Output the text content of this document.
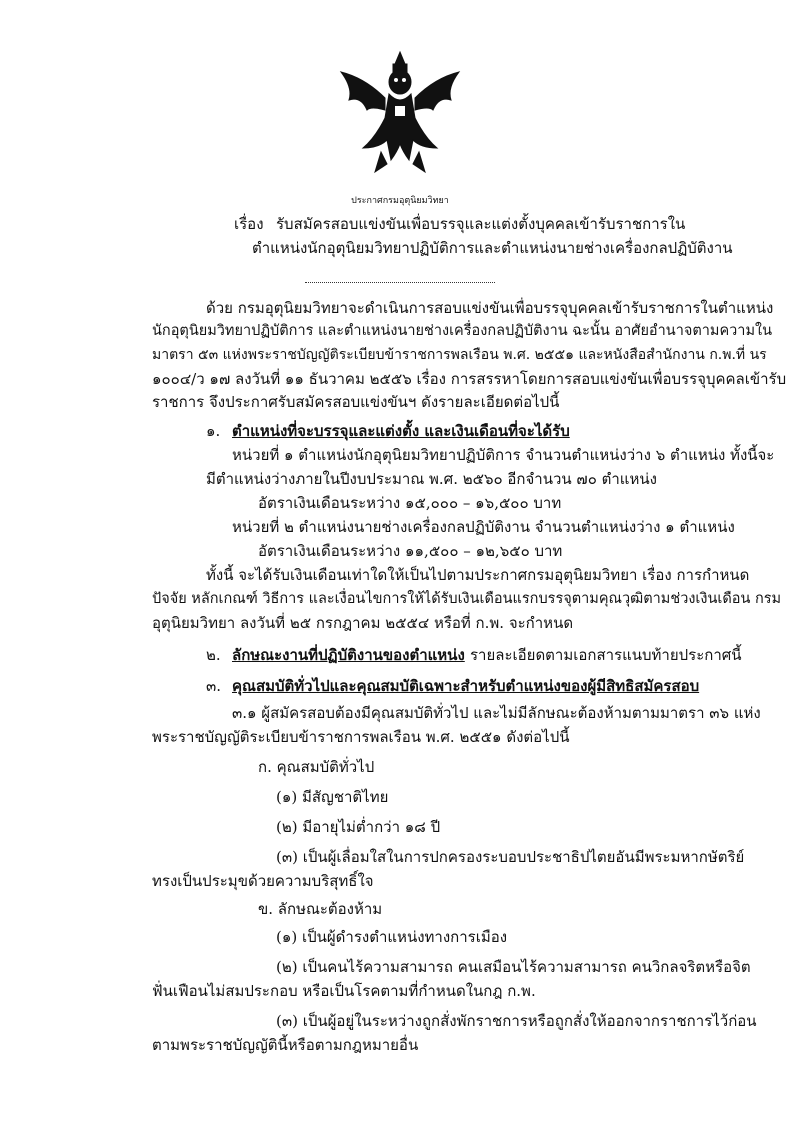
ประกาศกรมอุตุนิยมวิทยา
เรื่อง รับสมัครสอบแข่งขันเพื่อบรรจุและแต่งตั้งบุคคลเข้ารับราชการใน
ตำแหน่งนักอุตุนิยมวิทยาปฏิบัติการและตำแหน่งนายช่างเครื่องกลปฏิบัติงาน
ด้วย กรมอุตุนิยมวิทยาจะดำเนินการสอบแข่งขันเพื่อบรรจุบุคคลเข้ารับราชการในตำแหน่ง
นักอุตุนิยมวิทยาปฏิบัติการ และตำแหน่งนายช่างเครื่องกลปฏิบัติงาน ฉะนั้น อาศัยอำนาจตามความใน
มาตรา ๕๓ แห่งพระราชบัญญัติระเบียบข้าราชการพลเรือน พ.ศ. ๒๕๕๑ และหนังสือสำนักงาน ก.พ.ที่ นร
๑๐๐๔/ว ๑๗ ลงวันที่ ๑๑ ธันวาคม ๒๕๕๖ เรื่อง การสรรหาโดยการสอบแข่งขันเพื่อบรรจุบุคคลเข้ารับ
ราชการ จึงประกาศรับสมัครสอบแข่งขันฯ ดังรายละเอียดต่อไปนี้
๑. ตำแหน่งที่จะบรรจุและแต่งตั้ง และเงินเดือนที่จะได้รับ
หน่วยที่ ๑ ตำแหน่งนักอุตุนิยมวิทยาปฏิบัติการ จำนวนตำแหน่งว่าง ๖ ตำแหน่ง ทั้งนี้จะ
มีตำแหน่งว่างภายในปีงบประมาณ พ.ศ. ๒๕๖๐ อีกจำนวน ๗๐ ตำแหน่ง
อัตราเงินเดือนระหว่าง ๑๕,๐๐๐ – ๑๖,๕๐๐ บาท
หน่วยที่ ๒ ตำแหน่งนายช่างเครื่องกลปฏิบัติงาน จำนวนตำแหน่งว่าง ๑ ตำแหน่ง
อัตราเงินเดือนระหว่าง ๑๑,๕๐๐ – ๑๒,๖๕๐ บาท
ทั้งนี้ จะได้รับเงินเดือนเท่าใดให้เป็นไปตามประกาศกรมอุตุนิยมวิทยา เรื่อง การกำหนด
ปัจจัย หลักเกณฑ์ วิธีการ และเงื่อนไขการให้ได้รับเงินเดือนแรกบรรจุตามคุณวุฒิตามช่วงเงินเดือน กรม
อุตุนิยมวิทยา ลงวันที่ ๒๕ กรกฎาคม ๒๕๕๔ หรือที่ ก.พ. จะกำหนด
๒. ลักษณะงานที่ปฏิบัติงานของตำแหน่ง รายละเอียดตามเอกสารแนบท้ายประกาศนี้
๓. คุณสมบัติทั่วไปและคุณสมบัติเฉพาะสำหรับตำแหน่งของผู้มีสิทธิสมัครสอบ
๓.๑ ผู้สมัครสอบต้องมีคุณสมบัติทั่วไป และไม่มีลักษณะต้องห้ามตามมาตรา ๓๖ แห่ง
พระราชบัญญัติระเบียบข้าราชการพลเรือน พ.ศ. ๒๕๕๑ ดังต่อไปนี้
ก. คุณสมบัติทั่วไป
(๑) มีสัญชาติไทย
(๒) มีอายุไม่ต่ำกว่า ๑๘ ปี
(๓) เป็นผู้เลื่อมใสในการปกครองระบอบประชาธิปไตยอันมีพระมหากษัตริย์
ทรงเป็นประมุขด้วยความบริสุทธิ์ใจ
ข. ลักษณะต้องห้าม
(๑) เป็นผู้ดำรงตำแหน่งทางการเมือง
(๒) เป็นคนไร้ความสามารถ คนเสมือนไร้ความสามารถ คนวิกลจริตหรือจิต
ฟั่นเฟือนไม่สมประกอบ หรือเป็นโรคตามที่กำหนดในกฎ ก.พ.
(๓) เป็นผู้อยู่ในระหว่างถูกสั่งพักราชการหรือถูกสั่งให้ออกจากราชการไว้ก่อน
ตามพระราชบัญญัตินี้หรือตามกฎหมายอื่น
